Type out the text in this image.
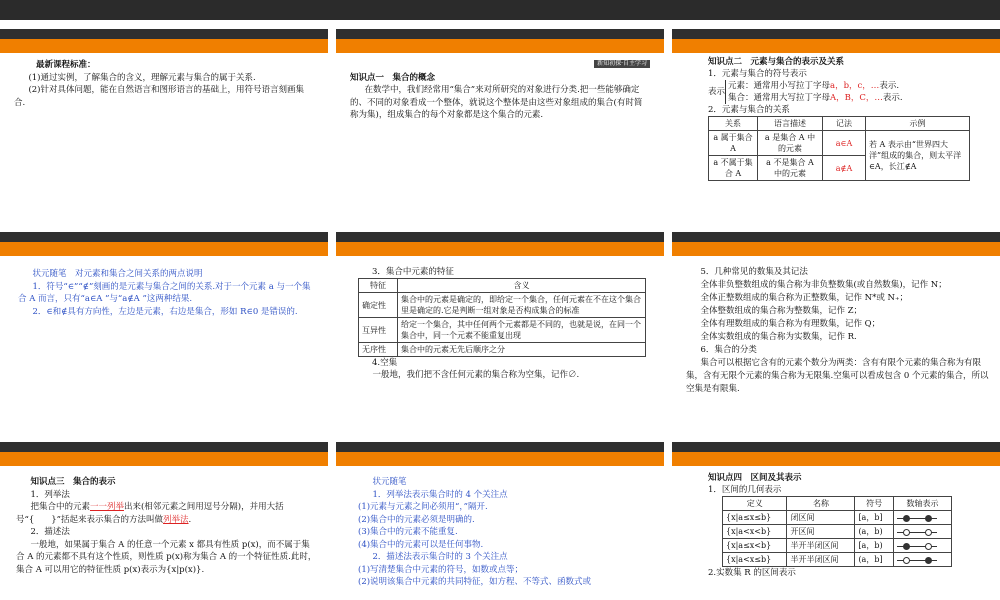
最新课程标准：

(1)通过实例，了解集合的含义，理解元素与集合的属于关系.

(2)针对具体问题，能在自然语言和图形语言的基础上，用符号语言刻画集合.

新知初探·自主学习

知识点一　集合的概念

在数学中，我们经常用“集合”来对所研究的对象进行分类.把一些能够确定的、不同的对象看成一个整体，就说这个整体是由这些对象组成的集合(有时简称为集)，组成集合的每个对象都是这个集合的元素.

知识点二　元素与集合的表示及关系

1．元素与集合的符号表示

表示
元素：通常用小写拉丁字母a，b，c，…表示.
集合：通常用大写拉丁字母A，B，C，…表示.

2．元素与集合的关系

关系	语言描述	记法	示例
a 属于集合 A	a 是集合 A 中的元素	a∈A	若 A 表示由“世界四大洋”组成的集合，则太平洋∈A，长江∉A
a 不属于集合 A	a 不是集合 A 中的元素	a∉A	

状元随笔　对元素和集合之间关系的两点说明

1．符号“∈”“∉”刻画的是元素与集合之间的关系.对于一个元素 a 与一个集合 A 而言，只有“a∈A ”与“a∉A ”这两种结果.

2．∈和∉具有方向性，左边是元素，右边是集合，形如 R∈0 是错误的.

3．集合中元素的特征

特征	含义
确定性	集合中的元素是确定的，即给定一个集合，任何元素在不在这个集合里是确定的.它是判断一组对象是否构成集合的标准
互异性	给定一个集合，其中任何两个元素都是不同的，也就是说，在同一个集合中，同一个元素不能重复出现
无序性	集合中的元素无先后顺序之分

4.空集

一般地，我们把不含任何元素的集合称为空集，记作∅.

5．几种常见的数集及其记法

全体非负整数组成的集合称为非负整数集(或自然数集)，记作 N；

全体正整数组成的集合称为正整数集，记作 N*或 N₊；

全体整数组成的集合称为整数集，记作 Z；

全体有理数组成的集合称为有理数集，记作 Q；

全体实数组成的集合称为实数集，记作 R.

6．集合的分类

集合可以根据它含有的元素个数分为两类：含有有限个元素的集合称为有限集，含有无限个元素的集合称为无限集.空集可以看成包含 0 个元素的集合，所以空集是有限集.

知识点三　集合的表示

1．列举法

把集合中的元素一一列举出来(相邻元素之间用逗号分隔)，并用大括号“{　　}”括起来表示集合的方法叫做列举法.

2．描述法

一般地，如果属于集合 A 的任意一个元素 x 都具有性质 p(x)，而不属于集合 A 的元素都不具有这个性质，则性质 p(x)称为集合 A 的一个特征性质.此时，集合 A 可以用它的特征性质 p(x)表示为{x|p(x)}.

状元随笔

1．列举法表示集合时的 4 个关注点

(1)元素与元素之间必须用“，”隔开.

(2)集合中的元素必须是明确的.

(3)集合中的元素不能重复.

(4)集合中的元素可以是任何事物.

2．描述法表示集合时的 3 个关注点

(1)写清楚集合中元素的符号，如数或点等；

(2)说明该集合中元素的共同特征，如方程、不等式、函数式或

知识点四　区间及其表示

1．区间的几何表示

定义	名称	符号	数轴表示
{x|a≤x≤b}	闭区间	[a，b]	

{x|a<x<b}	开区间	(a，b)	

{x|a≤x<b}	半开半闭区间	[a，b)	

{x|a<x≤b}	半开半闭区间	(a，b]	

2.实数集 R 的区间表示
